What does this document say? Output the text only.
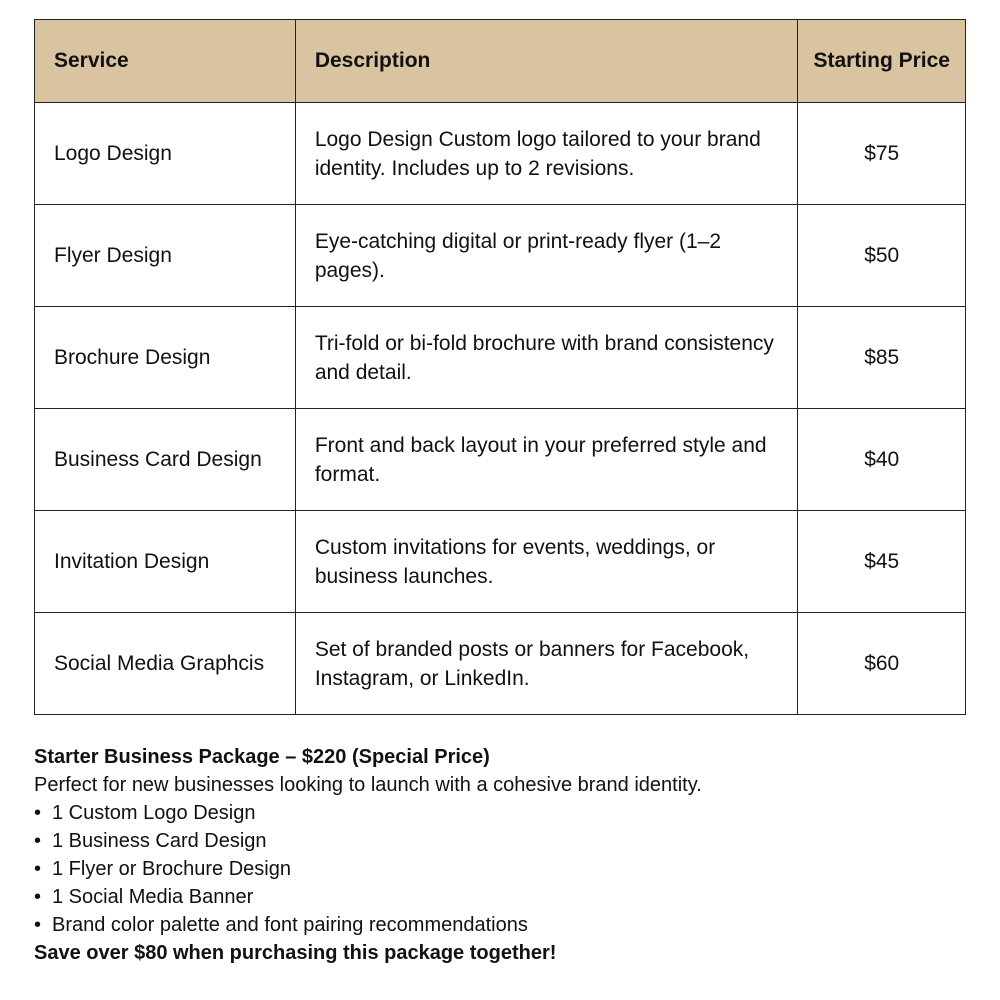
Service	Description	Starting Price
Logo Design	Logo Design Custom logo tailored to your brand identity. Includes up to 2 revisions.	$75
Flyer Design	Eye-catching digital or print-ready flyer (1–2 pages).	$50
Brochure Design	Tri-fold or bi-fold brochure with brand consistency and detail.	$85
Business Card Design	Front and back layout in your preferred style and format.	$40
Invitation Design	Custom invitations for events, weddings, or business launches.	$45
Social Media Graphcis	Set of branded posts or banners for Facebook, Instagram, or LinkedIn.	$60

Starter Business Package – $220 (Special Price)

Perfect for new businesses looking to launch with a cohesive brand identity.

• 1 Custom Logo Design
• 1 Business Card Design
• 1 Flyer or Brochure Design
• 1 Social Media Banner
• Brand color palette and font pairing recommendations

Save over $80 when purchasing this package together!
